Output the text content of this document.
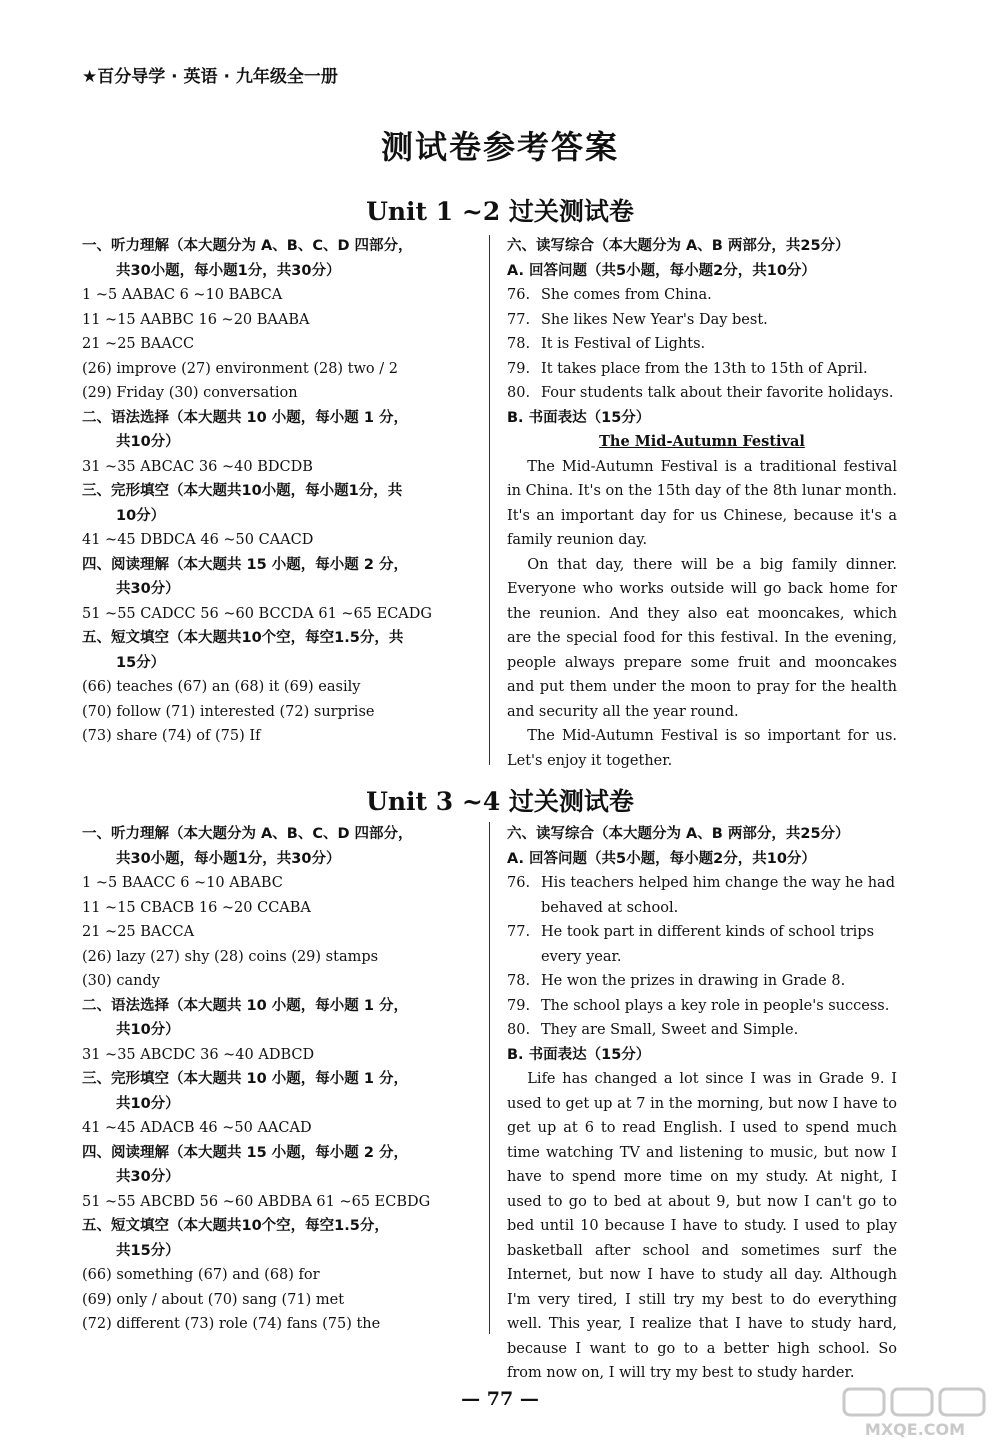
★百分导学 · 英语 · 九年级全一册
测试卷参考答案
Unit 1 ~2 过关测试卷
一、听力理解（本大题分为 A、B、C、D 四部分，
共30小题，每小题1分，共30分）
1 ~5 AABAC 6 ~10 BABCA
11 ~15 AABBC 16 ~20 BAABA
21 ~25 BAACC
(26) improve (27) environment (28) two / 2
(29) Friday (30) conversation
二、语法选择（本大题共 10 小题，每小题 1 分，
共10分）
31 ~35 ABCAC 36 ~40 BDCDB
三、完形填空（本大题共10小题，每小题1分，共
10分）
41 ~45 DBDCA 46 ~50 CAACD
四、阅读理解（本大题共 15 小题，每小题 2 分，
共30分）
51 ~55 CADCC 56 ~60 BCCDA 61 ~65 ECADG
五、短文填空（本大题共10个空，每空1.5分，共
15分）
(66) teaches (67) an (68) it (69) easily
(70) follow (71) interested (72) surprise
(73) share (74) of (75) If
六、读写综合（本大题分为 A、B 两部分，共25分）
A. 回答问题（共5小题，每小题2分，共10分）
76. She comes from China.
77. She likes New Year's Day best.
78. It is Festival of Lights.
79. It takes place from the 13th to 15th of April.
80. Four students talk about their favorite holidays.
B. 书面表达（15分）
The Mid-Autumn Festival
The Mid-Autumn Festival is a traditional festival in China. It's on the 15th day of the 8th lunar month. It's an important day for us Chinese, because it's a family reunion day.
On that day, there will be a big family dinner. Everyone who works outside will go back home for the reunion. And they also eat mooncakes, which are the special food for this festival. In the evening, people always prepare some fruit and mooncakes and put them under the moon to pray for the health and security all the year round.
The Mid-Autumn Festival is so important for us. Let's enjoy it together.
Unit 3 ~4 过关测试卷
一、听力理解（本大题分为 A、B、C、D 四部分，
共30小题，每小题1分，共30分）
1 ~5 BAACC 6 ~10 ABABC
11 ~15 CBACB 16 ~20 CCABA
21 ~25 BACCA
(26) lazy (27) shy (28) coins (29) stamps
(30) candy
二、语法选择（本大题共 10 小题，每小题 1 分，
共10分）
31 ~35 ABCDC 36 ~40 ADBCD
三、完形填空（本大题共 10 小题，每小题 1 分，
共10分）
41 ~45 ADACB 46 ~50 AACAD
四、阅读理解（本大题共 15 小题，每小题 2 分，
共30分）
51 ~55 ABCBD 56 ~60 ABDBA 61 ~65 ECBDG
五、短文填空（本大题共10个空，每空1.5分，
共15分）
(66) something (67) and (68) for
(69) only / about (70) sang (71) met
(72) different (73) role (74) fans (75) the
六、读写综合（本大题分为 A、B 两部分，共25分）
A. 回答问题（共5小题，每小题2分，共10分）
76. His teachers helped him change the way he had behaved at school.
77. He took part in different kinds of school trips every year.
78. He won the prizes in drawing in Grade 8.
79. The school plays a key role in people's success.
80. They are Small, Sweet and Simple.
B. 书面表达（15分）
Life has changed a lot since I was in Grade 9. I used to get up at 7 in the morning, but now I have to get up at 6 to read English. I used to spend much time watching TV and listening to music, but now I have to spend more time on my study. At night, I used to go to bed at about 9, but now I can't go to bed until 10 because I have to study. I used to play basketball after school and sometimes surf the Internet, but now I have to study all day. Although I'm very tired, I still try my best to do everything well. This year, I realize that I have to study hard, because I want to go to a better high school. So from now on, I will try my best to study harder.
— 77 —
MXQE.COM
